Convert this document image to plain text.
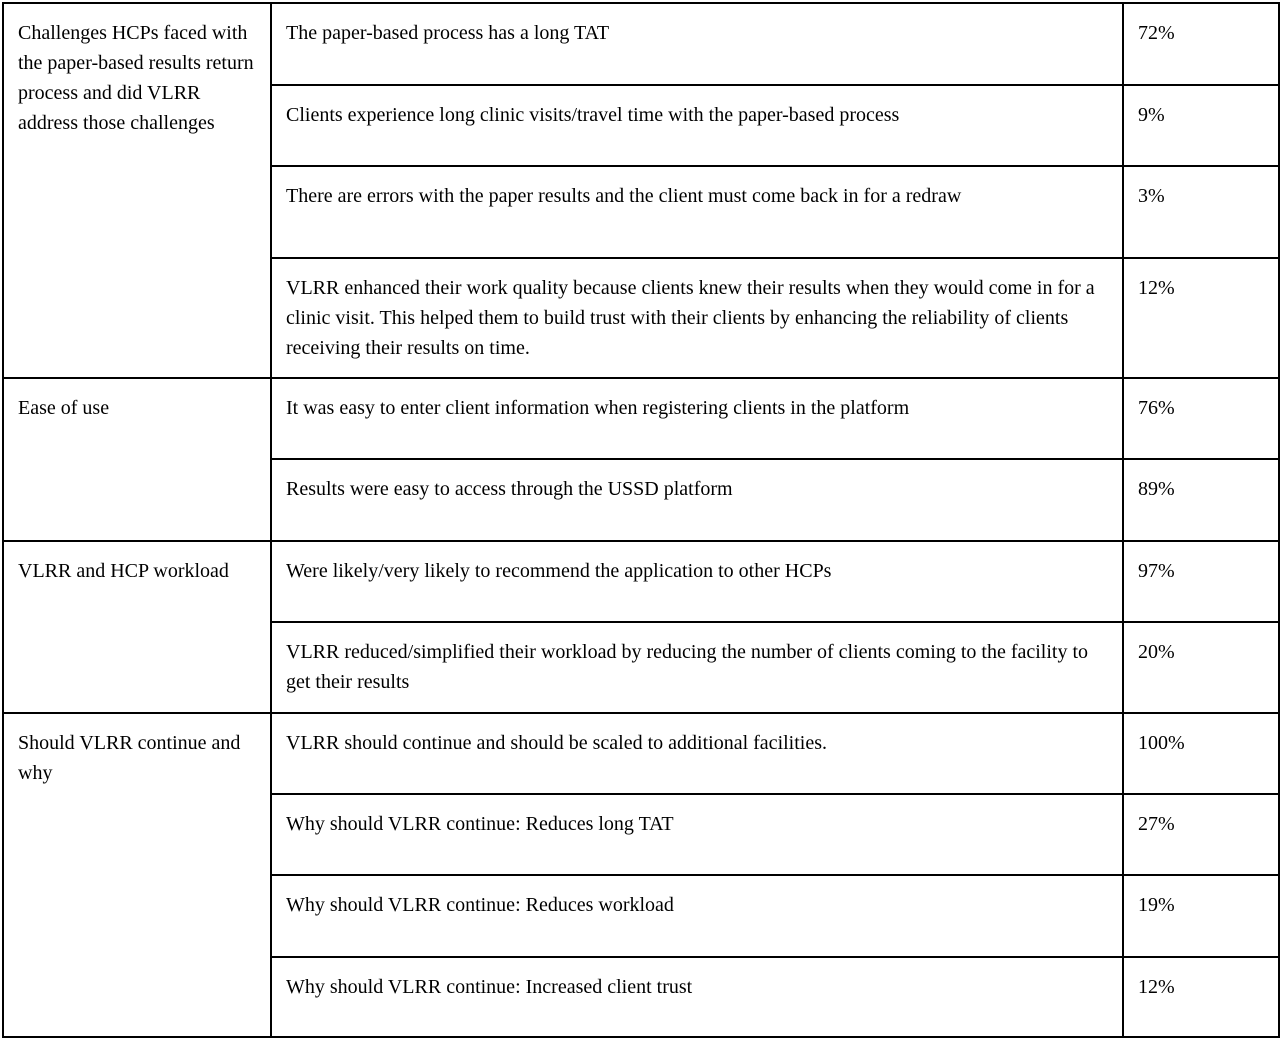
Challenges HCPs faced with the paper-based results return process and did VLRR address those challenges	The paper-based process has a long TAT	72%
	Clients experience long clinic visits/travel time with the paper-based process	9%
	There are errors with the paper results and the client must come back in for a redraw	3%
	VLRR enhanced their work quality because clients knew their results when they would come in for a clinic visit. This helped them to build trust with their clients by enhancing the reliability of clients receiving their results on time.	12%
Ease of use	It was easy to enter client information when registering clients in the platform	76%
	Results were easy to access through the USSD platform	89%
VLRR and HCP workload	Were likely/very likely to recommend the application to other HCPs	97%
	VLRR reduced/simplified their workload by reducing the number of clients coming to the facility to get their results	20%
Should VLRR continue and why	VLRR should continue and should be scaled to additional facilities.	100%
	Why should VLRR continue: Reduces long TAT	27%
	Why should VLRR continue: Reduces workload	19%
	Why should VLRR continue: Increased client trust	12%
